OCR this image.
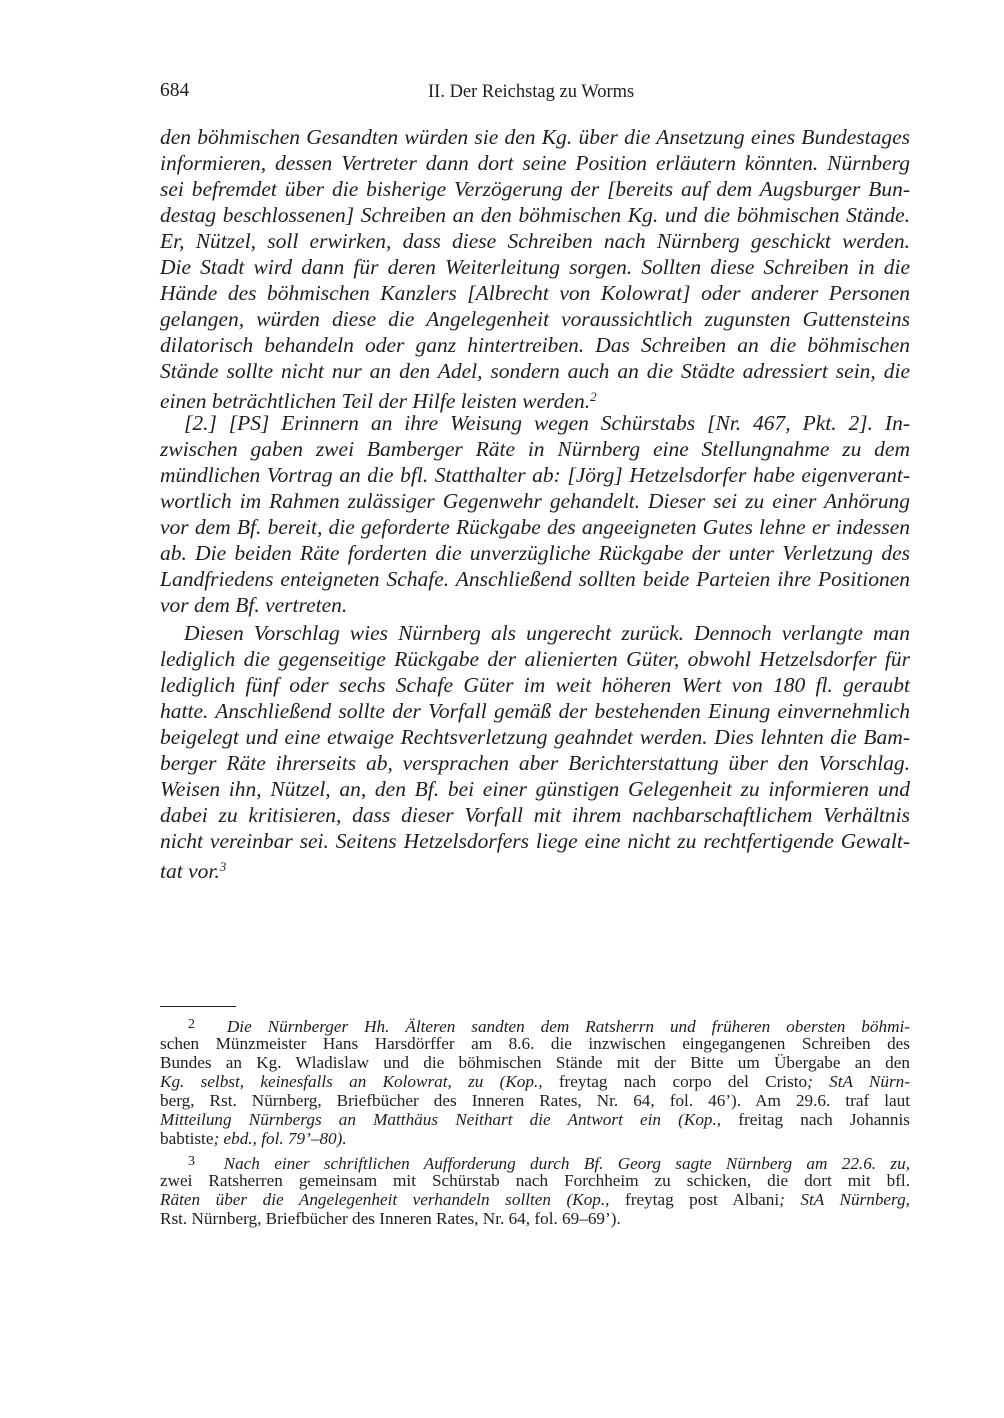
684	II. Der Reichstag zu Worms
den böhmischen Gesandten würden sie den Kg. über die Ansetzung eines Bundestages
informieren, dessen Vertreter dann dort seine Position erläutern könnten. Nürnberg
sei befremdet über die bisherige Verzögerung der [bereits auf dem Augsburger Bun-
destag beschlossenen] Schreiben an den böhmischen Kg. und die böhmischen Stände.
Er, Nützel, soll erwirken, dass diese Schreiben nach Nürnberg geschickt werden.
Die Stadt wird dann für deren Weiterleitung sorgen. Sollten diese Schreiben in die
Hände des böhmischen Kanzlers [Albrecht von Kolowrat] oder anderer Personen
gelangen, würden diese die Angelegenheit voraussichtlich zugunsten Guttensteins
dilatorisch behandeln oder ganz hintertreiben. Das Schreiben an die böhmischen
Stände sollte nicht nur an den Adel, sondern auch an die Städte adressiert sein, die
einen beträchtlichen Teil der Hilfe leisten werden.$^2$
[2.] [PS] Erinnern an ihre Weisung wegen Schürstabs [Nr. 467, Pkt. 2]. In-
zwischen gaben zwei Bamberger Räte in Nürnberg eine Stellungnahme zu dem
mündlichen Vortrag an die bfl. Statthalter ab: [Jörg] Hetzelsdorfer habe eigenverant-
wortlich im Rahmen zulässiger Gegenwehr gehandelt. Dieser sei zu einer Anhörung
vor dem Bf. bereit, die geforderte Rückgabe des angeeigneten Gutes lehne er indessen
ab. Die beiden Räte forderten die unverzügliche Rückgabe der unter Verletzung des
Landfriedens enteigneten Schafe. Anschließend sollten beide Parteien ihre Positionen
vor dem Bf. vertreten.
Diesen Vorschlag wies Nürnberg als ungerecht zurück. Dennoch verlangte man
lediglich die gegenseitige Rückgabe der alienierten Güter, obwohl Hetzelsdorfer für
lediglich fünf oder sechs Schafe Güter im weit höheren Wert von 180 fl. geraubt
hatte. Anschließend sollte der Vorfall gemäß der bestehenden Einung einvernehmlich
beigelegt und eine etwaige Rechtsverletzung geahndet werden. Dies lehnten die Bam-
berger Räte ihrerseits ab, versprachen aber Berichterstattung über den Vorschlag.
Weisen ihn, Nützel, an, den Bf. bei einer günstigen Gelegenheit zu informieren und
dabei zu kritisieren, dass dieser Vorfall mit ihrem nachbarschaftlichem Verhältnis
nicht vereinbar sei. Seitens Hetzelsdorfers liege eine nicht zu rechtfertigende Gewalt-
tat vor.$^3$
$^2$ Die Nürnberger Hh. Älteren sandten dem Ratsherrn und früheren obersten böhmi-
schen Münzmeister Hans Harsdörffer am 8.6. die inzwischen eingegangenen Schreiben des
Bundes an Kg. Wladislaw und die böhmischen Stände mit der Bitte um Übergabe an den
Kg. selbst, keinesfalls an Kolowrat, zu (Kop., freytag nach corpo del Cristo; StA Nürn-
berg, Rst. Nürnberg, Briefbücher des Inneren Rates, Nr. 64, fol. 46’). Am 29.6. traf laut
Mitteilung Nürnbergs an Matthäus Neithart die Antwort ein (Kop., freitag nach Johannis
babtiste; ebd., fol. 79’–80).
$^3$ Nach einer schriftlichen Aufforderung durch Bf. Georg sagte Nürnberg am 22.6. zu,
zwei Ratsherren gemeinsam mit Schürstab nach Forchheim zu schicken, die dort mit bfl.
Räten über die Angelegenheit verhandeln sollten (Kop., freytag post Albani; StA Nürnberg,
Rst. Nürnberg, Briefbücher des Inneren Rates, Nr. 64, fol. 69–69’).
